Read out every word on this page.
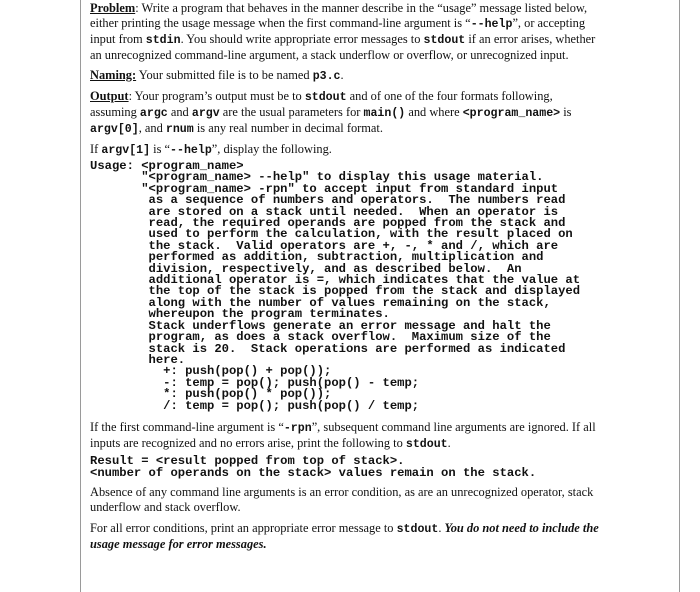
Problem: Write a program that behaves in the manner describe in the “usage” message listed below, either printing the usage message when the first command-line argument is “--help”, or accepting input from stdin. You should write appropriate error messages to stdout if an error arises, whether an unrecognized command-line argument, a stack underflow or overflow, or unrecognized input.

Naming: Your submitted file is to be named p3.c.

Output: Your program’s output must be to stdout and of one of the four formats following, assuming argc and argv are the usual parameters for main() and where <program_name> is argv[0], and rnum is any real number in decimal format.

If argv[1] is “--help”, display the following.

Usage: <program_name>
"<program_name> --help" to display this usage material.
"<program_name> -rpn" to accept input from standard input
as a sequence of numbers and operators.  The numbers read
are stored on a stack until needed.  When an operator is
read, the required operands are popped from the stack and
used to perform the calculation, with the result placed on
the stack.  Valid operators are +, -, * and /, which are
performed as addition, subtraction, multiplication and
division, respectively, and as described below.  An
additional operator is =, which indicates that the value at
the top of the stack is popped from the stack and displayed
along with the number of values remaining on the stack,
whereupon the program terminates.
Stack underflows generate an error message and halt the
program, as does a stack overflow.  Maximum size of the
stack is 20.  Stack operations are performed as indicated
here.
+: push(pop() + pop());
-: temp = pop(); push(pop() - temp;
*: push(pop() * pop());
/: temp = pop(); push(pop() / temp;

If the first command-line argument is “-rpn”, subsequent command line arguments are ignored. If all inputs are recognized and no errors arise, print the following to stdout.

Result = <result popped from top of stack>.
<number of operands on the stack> values remain on the stack.

Absence of any command line arguments is an error condition, as are an unrecognized operator, stack underflow and stack overflow.

For all error conditions, print an appropriate error message to stdout. You do not need to include the usage message for error messages.
